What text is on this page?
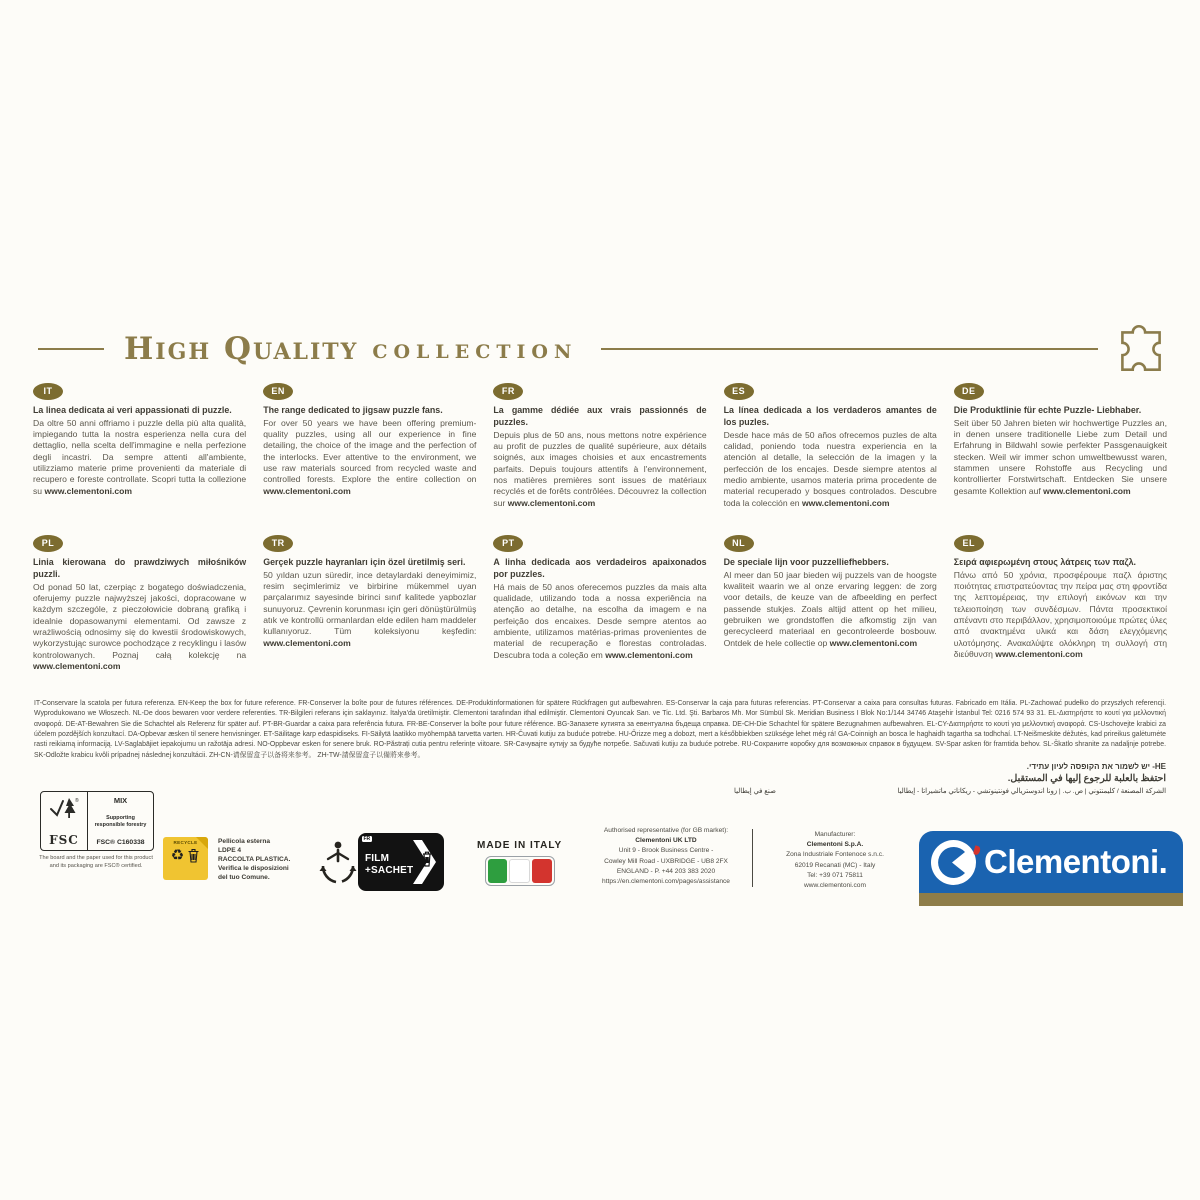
High Quality COLLECTION
IT

La linea dedicata ai veri appassionati di puzzle.
Da oltre 50 anni offriamo i puzzle della più alta qualità, impiegando tutta la nostra esperienza nella cura del dettaglio, nella scelta dell'immagine e nella perfezione degli incastri. Da sempre attenti all'ambiente, utilizziamo materie prime provenienti da materiale di recupero e foreste controllate. Scopri tutta la collezione su www.clementoni.com

EN

The range dedicated to jigsaw puzzle fans.
For over 50 years we have been offering premium-quality puzzles, using all our experience in fine detailing, the choice of the image and the perfection of the interlocks. Ever attentive to the environment, we use raw materials sourced from recycled waste and controlled forests. Explore the entire collection on www.clementoni.com

FR

La gamme dédiée aux vrais passionnés de puzzles.
Depuis plus de 50 ans, nous mettons notre expérience au profit de puzzles de qualité supérieure, aux détails soignés, aux images choisies et aux encastrements parfaits. Depuis toujours attentifs à l'environnement, nos matières premières sont issues de matériaux recyclés et de forêts contrôlées. Découvrez la collection sur www.clementoni.com

ES

La línea dedicada a los verdaderos amantes de los puzles.
Desde hace más de 50 años ofrecemos puzles de alta calidad, poniendo toda nuestra experiencia en la atención al detalle, la selección de la imagen y la perfección de los encajes. Desde siempre atentos al medio ambiente, usamos materia prima procedente de material recuperado y bosques controlados. Descubre toda la colección en www.clementoni.com

DE

Die Produktlinie für echte Puzzle- Liebhaber.
Seit über 50 Jahren bieten wir hochwertige Puzzles an, in denen unsere traditionelle Liebe zum Detail und Erfahrung in Bildwahl sowie perfekter Passgenauigkeit stecken. Weil wir immer schon umweltbewusst waren, stammen unsere Rohstoffe aus Recycling und kontrollierter Forstwirtschaft. Entdecken Sie unsere gesamte Kollektion auf www.clementoni.com

PL

Linia kierowana do prawdziwych miłośników puzzli.
Od ponad 50 lat, czerpiąc z bogatego doświadczenia, oferujemy puzzle najwyższej jakości, dopracowane w każdym szczególe, z pieczołowicie dobraną grafiką i idealnie dopasowanymi elementami. Od zawsze z wrażliwością odnosimy się do kwestii środowiskowych, wykorzystując surowce pochodzące z recyklingu i lasów kontrolowanych. Poznaj całą kolekcję na www.clementoni.com

TR

Gerçek puzzle hayranları için özel üretilmiş seri.
50 yıldan uzun süredir, ince detaylardaki deneyimimiz, resim seçimlerimiz ve birbirine mükemmel uyan parçalarımız sayesinde birinci sınıf kalitede yapbozlar sunuyoruz. Çevrenin korunması için geri dönüştürülmüş atık ve kontrollü ormanlardan elde edilen ham maddeler kullanıyoruz. Tüm koleksiyonu keşfedin: www.clementoni.com

PT

A linha dedicada aos verdadeiros apaixonados por puzzles.
Há mais de 50 anos oferecemos puzzles da mais alta qualidade, utilizando toda a nossa experiência na atenção ao detalhe, na escolha da imagem e na perfeição dos encaixes. Desde sempre atentos ao ambiente, utilizamos matérias-primas provenientes de material de recuperação e florestas controladas. Descubra toda a coleção em www.clementoni.com

NL

De speciale lijn voor puzzelliefhebbers.
Al meer dan 50 jaar bieden wij puzzels van de hoogste kwaliteit waarin we al onze ervaring leggen: de zorg voor details, de keuze van de afbeelding en perfect passende stukjes. Zoals altijd attent op het milieu, gebruiken we grondstoffen die afkomstig zijn van gerecycleerd materiaal en gecontroleerde bosbouw. Ontdek de hele collectie op www.clementoni.com

EL

Σειρά αφιερωμένη στους λάτρεις των παζλ.
Πάνω από 50 χρόνια, προσφέρουμε παζλ άριστης ποιότητας επιστρατεύοντας την πείρα μας στη φροντίδα της λεπτομέρειας, την επιλογή εικόνων και την τελειοποίηση των συνδέσμων. Πάντα προσεκτικοί απέναντι στο περιβάλλον, χρησιμοποιούμε πρώτες ύλες από ανακτημένα υλικά και δάση ελεγχόμενης υλοτόμησης. Ανακαλύψτε ολόκληρη τη συλλογή στη διεύθυνση www.clementoni.com

IT-Conservare la scatola per futura referenza. EN-Keep the box for future reference. FR-Conserver la boîte pour de futures références. DE-Produktinformationen für spätere Rückfragen gut aufbewahren. ES-Conservar la caja para futuras referencias. PT-Conservar a caixa para consultas futuras. Fabricado em Itália. PL-Zachować pudełko do przyszłych referencji. Wyprodukowano we Włoszech. NL-De doos bewaren voor verdere referenties. TR-Bilgileri referans için saklayınız. İtalya'da üretilmiştir. Clementoni tarafından ithal edilmiştir. Clementoni Oyuncak San. ve Tic. Ltd. Şti. Barbaros Mh. Mor Sümbül Sk. Meridian Business I Blok No:1/144 34746 Ataşehir İstanbul Tel: 0216 574 93 31. EL-Διατηρήστε το κουτί για μελλοντική αναφορά. DE-AT-Bewahren Sie die Schachtel als Referenz für später auf. PT-BR-Guardar a caixa para referência futura. FR-BE-Conserver la boîte pour future référence. BG-Запазете кутията за евентуална бъдеща справка. DE-CH-Die Schachtel für spätere Bezugnahmen aufbewahren. EL-CY-Διατηρήστε το κουτί για μελλοντική αναφορά. CS-Uschovejte krabici za účelem pozdějších konzultací. DA-Opbevar æsken til senere henvisninger. ET-Säilitage karp edaspidiseks. FI-Säilytä laatikko myöhempää tarvetta varten. HR-Čuvati kutiju za buduće potrebe. HU-Őrizze meg a dobozt, mert a későbbiekben szüksége lehet még rá! GA-Coinnigh an bosca le haghaidh tagartha sa todhchaí. LT-Neišmeskite dėžutės, kad prireikus galėtumėte rasti reikiamą informaciją. LV-Saglabājiet iepakojumu un ražotāja adresi. NO-Oppbevar esken for senere bruk. RO-Păstrați cutia pentru referințe viitoare. SR-Сачувајте кутију за будуће потребе. Sačuvati kutiju za buduće potrebe. RU-Сохраните коробку для возможных справок в будущем. SV-Spar asken för framtida behov. SL-Škatlo shranite za nadaljnje potrebe. SK-Odložte krabicu kvôli prípadnej následnej konzultácii. ZH-CN-请保留盒子以备将来参考。 ZH-TW-請保留盒子以備將來參考。

HE- יש לשמור את הקופסה לעיון עתידי.
احتفظ بالعلبة للرجوع إليها في المستقبل.
الشركة المصنعة / كليمنتوني | ص. ب. | زونا اندوستريالي فونتينوتشي - ريكاناتي ماتشيراتا - إيطاليا
صنع في إيطاليا
®
FSC
MIX
Supporting responsible forestry
FSC® C160338
The board and the paper used for this product and its packaging are FSC® certified.
RECYCLE
♻
Pellicola esterna
LDPE 4
RACCOLTA PLASTICA.
Verifica le disposizioni
del tuo Comune.
FR
FILM
+SACHET
MADE IN ITALY
Authorised representative (for GB market):
Clementoni UK LTD
Unit 9 - Brook Business Centre -
Cowley Mill Road - UXBRIDGE - UB8 2FX
ENGLAND - P. +44 203 383 2020
https://en.clementoni.com/pages/assistance
Manufacturer:
Clementoni S.p.A.
Zona Industriale Fontenoce s.n.c.
62019 Recanati (MC) - Italy
Tel: +39 071 75811
www.clementoni.com
Clementoni.
